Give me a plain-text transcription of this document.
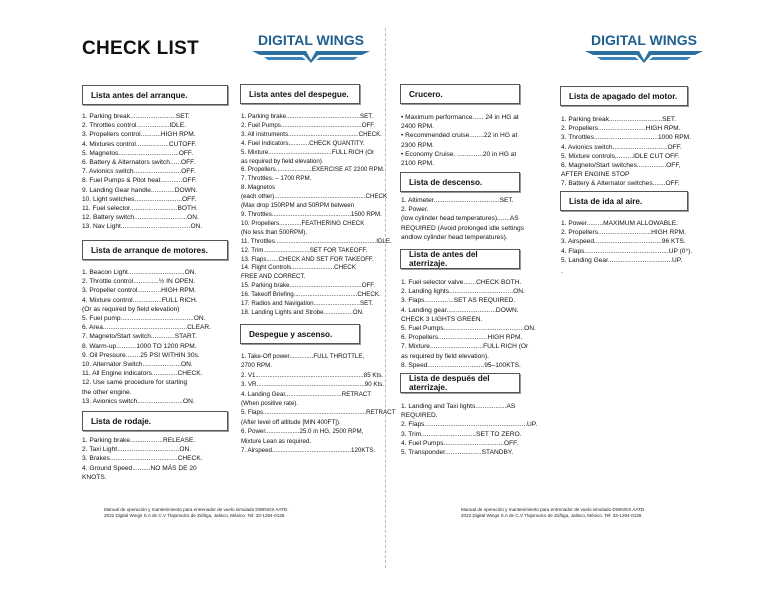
CHECK LIST	DIGITAL WINGS	DIGITAL WINGS
Lista antes del arranque.
1. Parking break.........................SET.
2. Throttles control..................IDLE.
3. Propellers control...........HIGH RPM.
4. Mixtures control..................CUTOFF.
5. Magnetos.................................OFF.
6. Battery & Alternators switch......OFF.
7. Avionics switch..........................OFF.
8. Fuel Pumps & Pitot heat............OFF.
9. Landing Gear handle.............DOWN.
10. Light switches..........................OFF.
11. Fuel selector..........................BOTH.
12. Battery switch.............................ON.
13. Nav Light......................................ON.
Lista de arranque de motores.
1. Beacon Light...............................ON.
2. Throttle control..............½ IN OPEN.
3. Propeller control.............HIGH RPM.
4. Mixture control................FULL RICH.
(Or as required by field elevation)
5. Fuel pump........................................ON.
6. Area..............................................CLEAR.
7. Magneto/Start switch.............START.
8. Warm-up...........1000 TO 1200 RPM.
9. Oil Pressure........25 PSI WITHIN 30s.
10. Alternator Switch.....................ON.
11. All Engine indicators..............CHECK.
12. Use same procedure for starting
the other engine.
13. Avionics switch.........................ON.
Lista de rodaje.
1. Parking brake..................RELEASE.
2. Taxi Light..................................ON.
3. Brakes.....................................CHECK.
4. Ground Speed..........NO MÁS DE 20
KNOTS.
Lista antes del despegue.
1. Parking brake...........................................SET.
2. Fuel Pumps...............................................OFF.
3. All instruments.........................................CHECK.
4. Fuel Indicators............CHECK QUANTITY.
5. Mixture.....................................FULL RICH (Or
as required by field elevation).
6. Propellers.....................EXERCISE AT 2200 RPM.
7. Throttles. – 1700 RPM.
8. Magnetos
(each other).....................................................CHECK
(Max drop 150RPM and 50RPM between
9. Throttles..............................................1500 RPM.
10. Propellers.............FEATHERING CHECK
(No less than 500RPM).
11. Throttles...........................................................IDLE.
12. Trim...........................SET FOR TAKEOFF.
13. Flaps.......CHECK AND SET FOR TAKEOFF.
14. Flight Controls.........................CHECK
FREE AND CORRECT.
15. Parking brake..........................................OFF.
16. Takeoff Briefing.....................................CHECK.
17. Radios and Navigation...........................SET.
18. Landing Lights and Strobe.................ON.
Despegue y ascenso.
1. Take-Off power..............FULL THROTTLE,
2700 RPM.
2. V1...............................................................85 Kts.
3. VR...............................................................90 Kts.
4. Landing Gear.................................RETRACT
(When positive rate).
5. Flaps............................................................RETRACT
(After level off altitude [MIN 400FT]).
6. Power....................25.0 in HG, 2500 RPM,
Mixture Lean as required.
7. Airspeed..............................................120KTS.
Crucero.
• Maximum performance...... 24 in HG at
2400 RPM.
• Recommended cruise........22 in HG at
2300 RPM.
• Economy Cruise. ..............20 in HG at
2100 RPM.
Lista de descenso.
1. Altimeter....................................SET.
2. Power.
(low cylinder head temperatures).......AS
REQUIRED (Avoid prolonged idle settings
andlow cylinder head temperatures).
Lista de antes del aterrizaje.
1. Fuel selector valve.......CHECK BOTH.
2. Landing lights...................................ON.
3. Flaps................SET AS REQUIRED.
4. Landing gear...........................DOWN.
CHECK 3 LIGHTS GREEN.
5. Fuel Pumps............................................ON.
6. Propellers...........................HIGH RPM.
7. Mixture.............................FULL RICH (Or
as required by field elevation).
8. Speed...............................95–100KTS.
Lista de después del aterrizaje.
1. Landing and Taxi lights.................AS
REQUIRED.
2. Flaps........................................................UP.
3. Trim..............................SET TO ZERO.
4. Fuel Pumps.................................OFF.
5. Transponder....................STANDBY.
Lista de apagado del motor.
1. Parking break.............................SET.
2. Propellers..........................HIGH RPM.
3. Throttles...................................1000 RPM.
4. Avionics switch..............................OFF.
5. Mixture controls..........IDLE CUT OFF.
6. Magneto/Start switches................OFF,
AFTER ENGINE STOP
7. Battery & Alternator switches.......OFF.
Lista de ida al aire.
1. Power.........MAXIMUM ALLOWABLE.
2. Propellers.............................HIGH RPM.
3. Airspeed.....................................96 KTS.
4. Flaps..............................................UP (0°).
5. Landing Gear...................................UP.
.
Manual de operación y mantenimiento para entrenador de vuelo simulado DWINGS AATD.
2022 Digital Wings S.A de C.V Tlajomulco de Zúñiga, Jalisco, México. Tel: 33-1264-0126.
Manual de operación y mantenimiento para entrenador de vuelo simulado DWINGS AATD.
2022 Digital Wings S.A de C.V Tlajomulco de Zúñiga, Jalisco, México. Tel: 33-1264-0126.
